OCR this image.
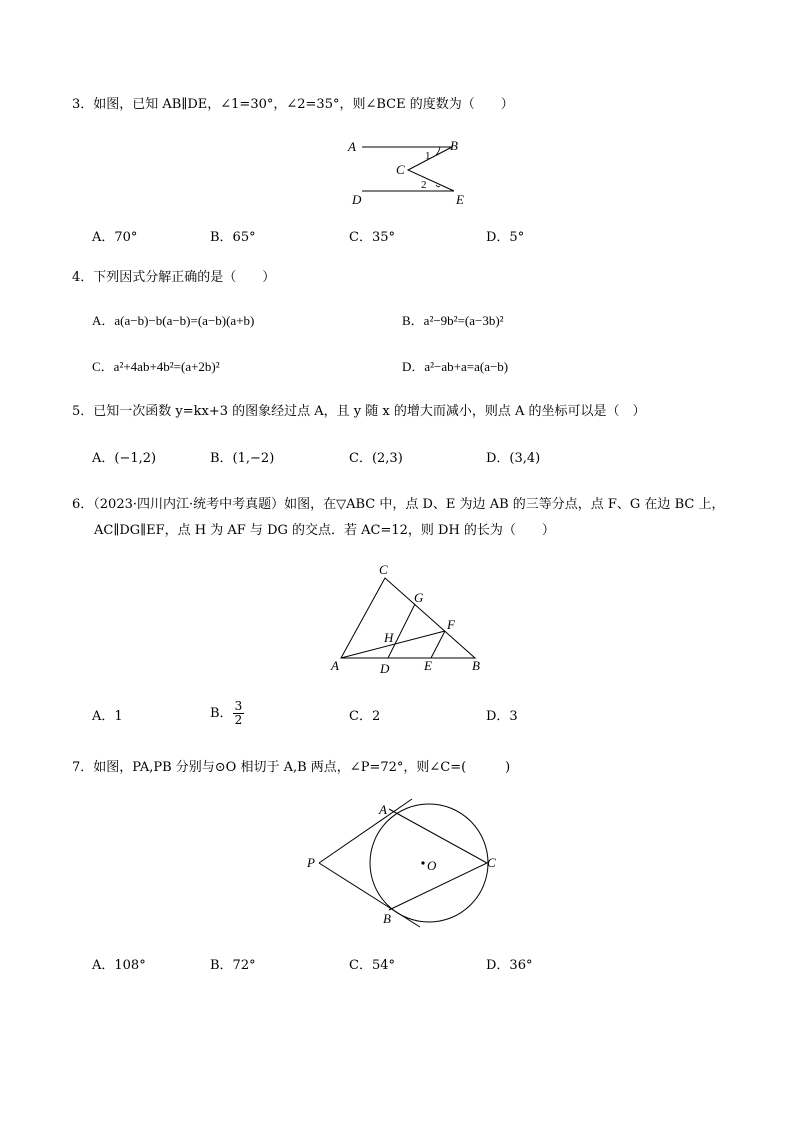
3．如图，已知 AB∥DE，∠1=30°，∠2=35°，则∠BCE 的度数为（　　）
A	B
C
D	E
1
2
A．70°	B．65°	C．35°	D．5°
4．下列因式分解正确的是（　　）
A．a(a−b)−b(a−b)=(a−b)(a+b)	B．a²−9b²=(a−3b)²
C．a²+4ab+4b²=(a+2b)²	D．a²−ab+a=a(a−b)
5．已知一次函数 y=kx+3 的图象经过点 A，且 y 随 x 的增大而减小，则点 A 的坐标可以是（　）
A．(−1,2)	B．(1,−2)	C．(2,3)	D．(3,4)
6．（2023·四川内江·统考中考真题）如图，在▽ABC 中，点 D、E 为边 AB 的三等分点，点 F、G 在边 BC 上，
AC∥DG∥EF，点 H 为 AF 与 DG 的交点．若 AC=12，则 DH 的长为（　　）
C
G
F
H
A	D	E	B
A．1	B． $\frac{3}{2}$	C．2	D．3
7．如图，PA,PB 分别与⊙O 相切于 A,B 两点，∠P=72°，则∠C=(　　　)
P
A
B
C
O
A．108°	B．72°	C．54°	D．36°
